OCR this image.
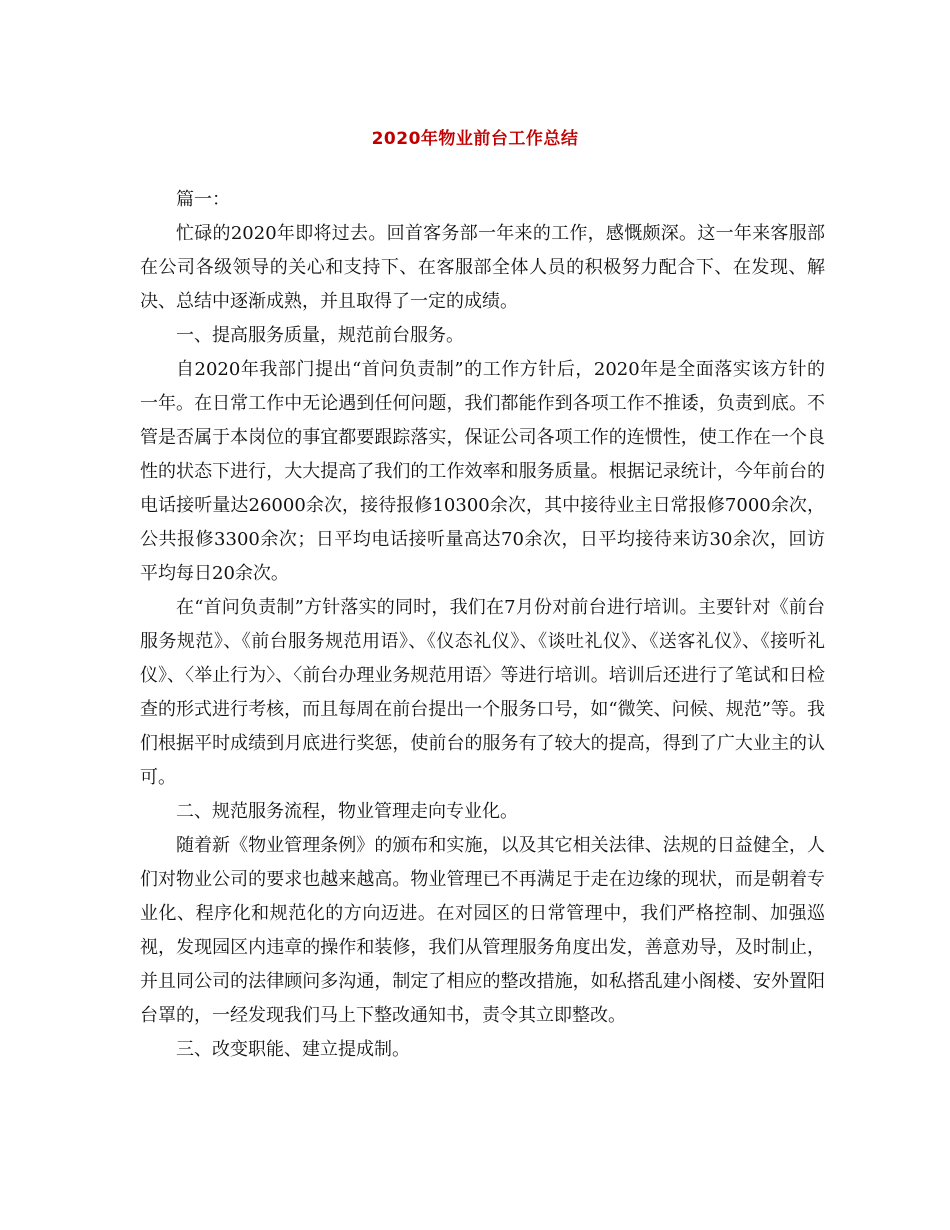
2020年物业前台工作总结

篇一：

忙碌的2020年即将过去。回首客务部一年来的工作，感慨颇深。这一年来客服部在公司各级领导的关心和支持下、在客服部全体人员的积极努力配合下、在发现、解决、总结中逐渐成熟，并且取得了一定的成绩。

一、提高服务质量，规范前台服务。

自2020年我部门提出“首问负责制”的工作方针后，2020年是全面落实该方针的一年。在日常工作中无论遇到任何问题，我们都能作到各项工作不推诿，负责到底。不管是否属于本岗位的事宜都要跟踪落实，保证公司各项工作的连惯性，使工作在一个良性的状态下进行，大大提高了我们的工作效率和服务质量。根据记录统计，今年前台的电话接听量达26000余次，接待报修10300余次，其中接待业主日常报修7000余次，公共报修3300余次；日平均电话接听量高达70余次，日平均接待来访30余次，回访平均每日20余次。

在“首问负责制”方针落实的同时，我们在7月份对前台进行培训。主要针对《前台服务规范》、《前台服务规范用语》、《仪态礼仪》、《谈吐礼仪》、《送客礼仪》、《接听礼仪》、〈举止行为〉、〈前台办理业务规范用语〉等进行培训。培训后还进行了笔试和日检查的形式进行考核，而且每周在前台提出一个服务口号，如“微笑、问候、规范”等。我们根据平时成绩到月底进行奖惩，使前台的服务有了较大的提高，得到了广大业主的认可。

二、规范服务流程，物业管理走向专业化。

随着新《物业管理条例》的颁布和实施，以及其它相关法律、法规的日益健全，人们对物业公司的要求也越来越高。物业管理已不再满足于走在边缘的现状，而是朝着专业化、程序化和规范化的方向迈进。在对园区的日常管理中，我们严格控制、加强巡视，发现园区内违章的操作和装修，我们从管理服务角度出发，善意劝导，及时制止，并且同公司的法律顾问多沟通，制定了相应的整改措施，如私搭乱建小阁楼、安外置阳台罩的，一经发现我们马上下整改通知书，责令其立即整改。

三、改变职能、建立提成制。
